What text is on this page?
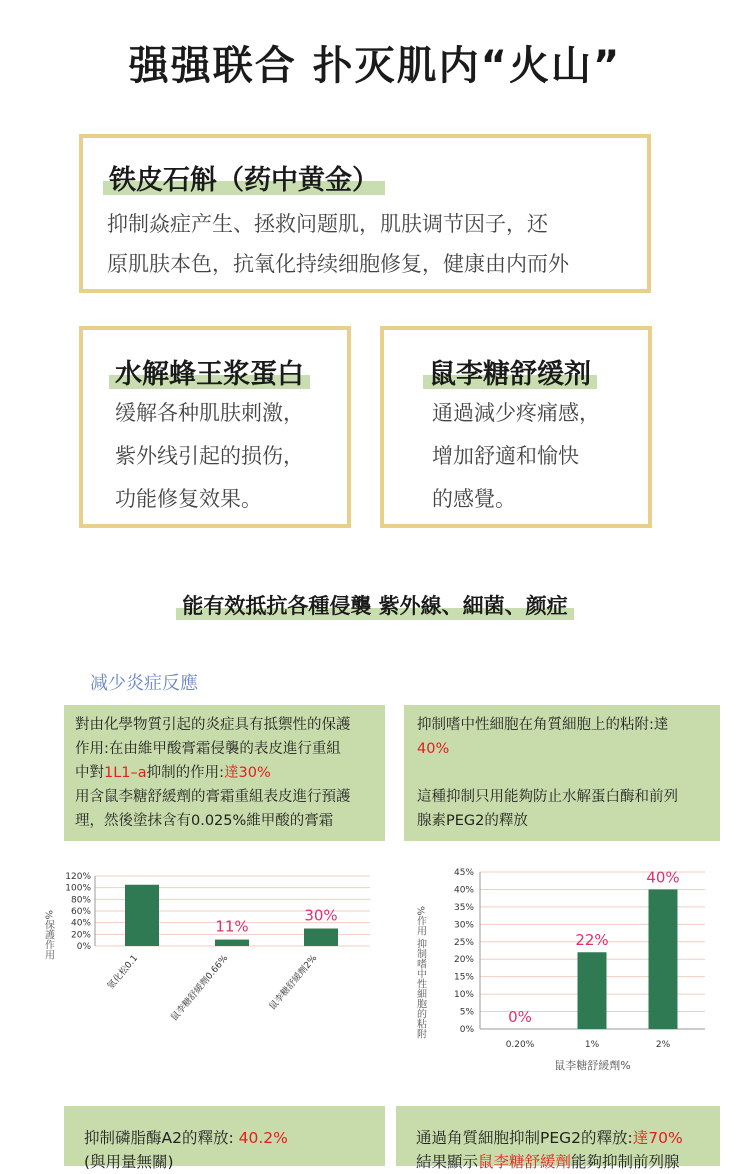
强强联合 扑灭肌内“火山”
铁皮石斛（药中黄金）
抑制焱症产生、拯救问题肌，肌肤调节因子，还
原肌肤本色，抗氧化持续细胞修复，健康由内而外
水解蜂王浆蛋白
缓解各种肌肤刺激，
紫外线引起的损伤，
功能修复效果。
鼠李糖舒缓剂
通過減少疼痛感，
增加舒適和愉快
的感覺。
能有效抵抗各種侵襲 紫外線、細菌、颜症
减少炎症反應
對由化學物質引起的炎症具有抵禦性的保護
作用:在由維甲酸膏霜侵襲的表皮進行重組
中對1L1–a抑制的作用:達30%
用含鼠李糖舒緩劑的膏霜重組表皮進行預護
理，然後塗抹含有0.025%維甲酸的膏霜
抑制嗜中性細胞在角質細胞上的粘附:達
40%
這種抑制只用能夠防止水解蛋白酶和前列
腺素PEG2的釋放
120%
100%
80%
60%
40%
20%
0%
%保護作用
氫化松0.1
11%
鼠李糖舒緩劑0.66%
30%
鼠李糖舒緩劑2%
45%
40%
35%
30%
25%
20%
15%
10%
5%
0%
%作用 抑制嗜中性細胞的粘附	0%
0.20%
22%
1%
40%
2%
鼠李糖舒緩劑%
抑制磷脂酶A2的釋放: 40.2%
(與用量無關)
通過角質細胞抑制PEG2的釋放:達70%
結果顯示鼠李糖舒緩劑能夠抑制前列腺
